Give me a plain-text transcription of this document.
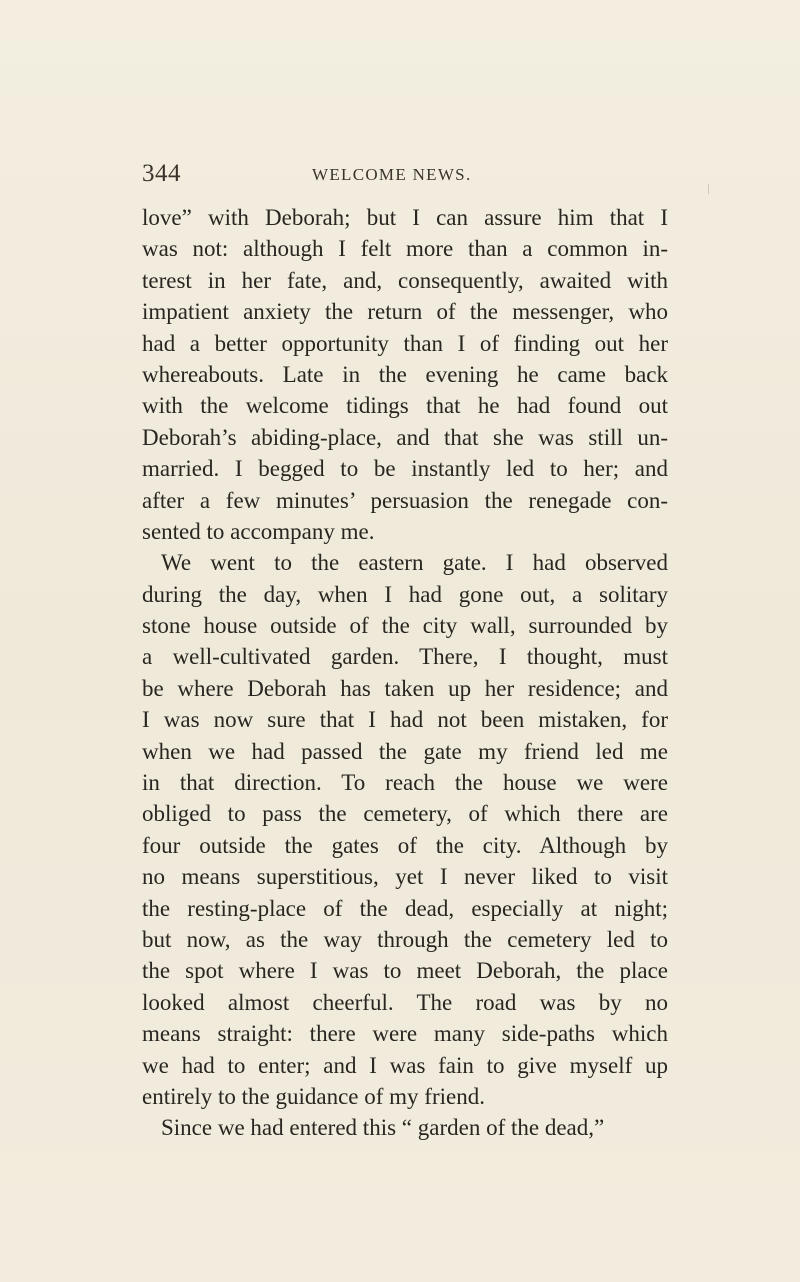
344	WELCOME NEWS.
love” with Deborah; but I can assure him that I
was not: although I felt more than a common in-
terest in her fate, and, consequently, awaited with
impatient anxiety the return of the messenger, who
had a better opportunity than I of finding out her
whereabouts. Late in the evening he came back
with the welcome tidings that he had found out
Deborah’s abiding-place, and that she was still un-
married. I begged to be instantly led to her; and
after a few minutes’ persuasion the renegade con-
sented to accompany me.
We went to the eastern gate. I had observed
during the day, when I had gone out, a solitary
stone house outside of the city wall, surrounded by
a well-cultivated garden. There, I thought, must
be where Deborah has taken up her residence; and
I was now sure that I had not been mistaken, for
when we had passed the gate my friend led me
in that direction. To reach the house we were
obliged to pass the cemetery, of which there are
four outside the gates of the city. Although by
no means superstitious, yet I never liked to visit
the resting-place of the dead, especially at night;
but now, as the way through the cemetery led to
the spot where I was to meet Deborah, the place
looked almost cheerful. The road was by no
means straight: there were many side-paths which
we had to enter; and I was fain to give myself up
entirely to the guidance of my friend.
Since we had entered this “ garden of the dead,”
